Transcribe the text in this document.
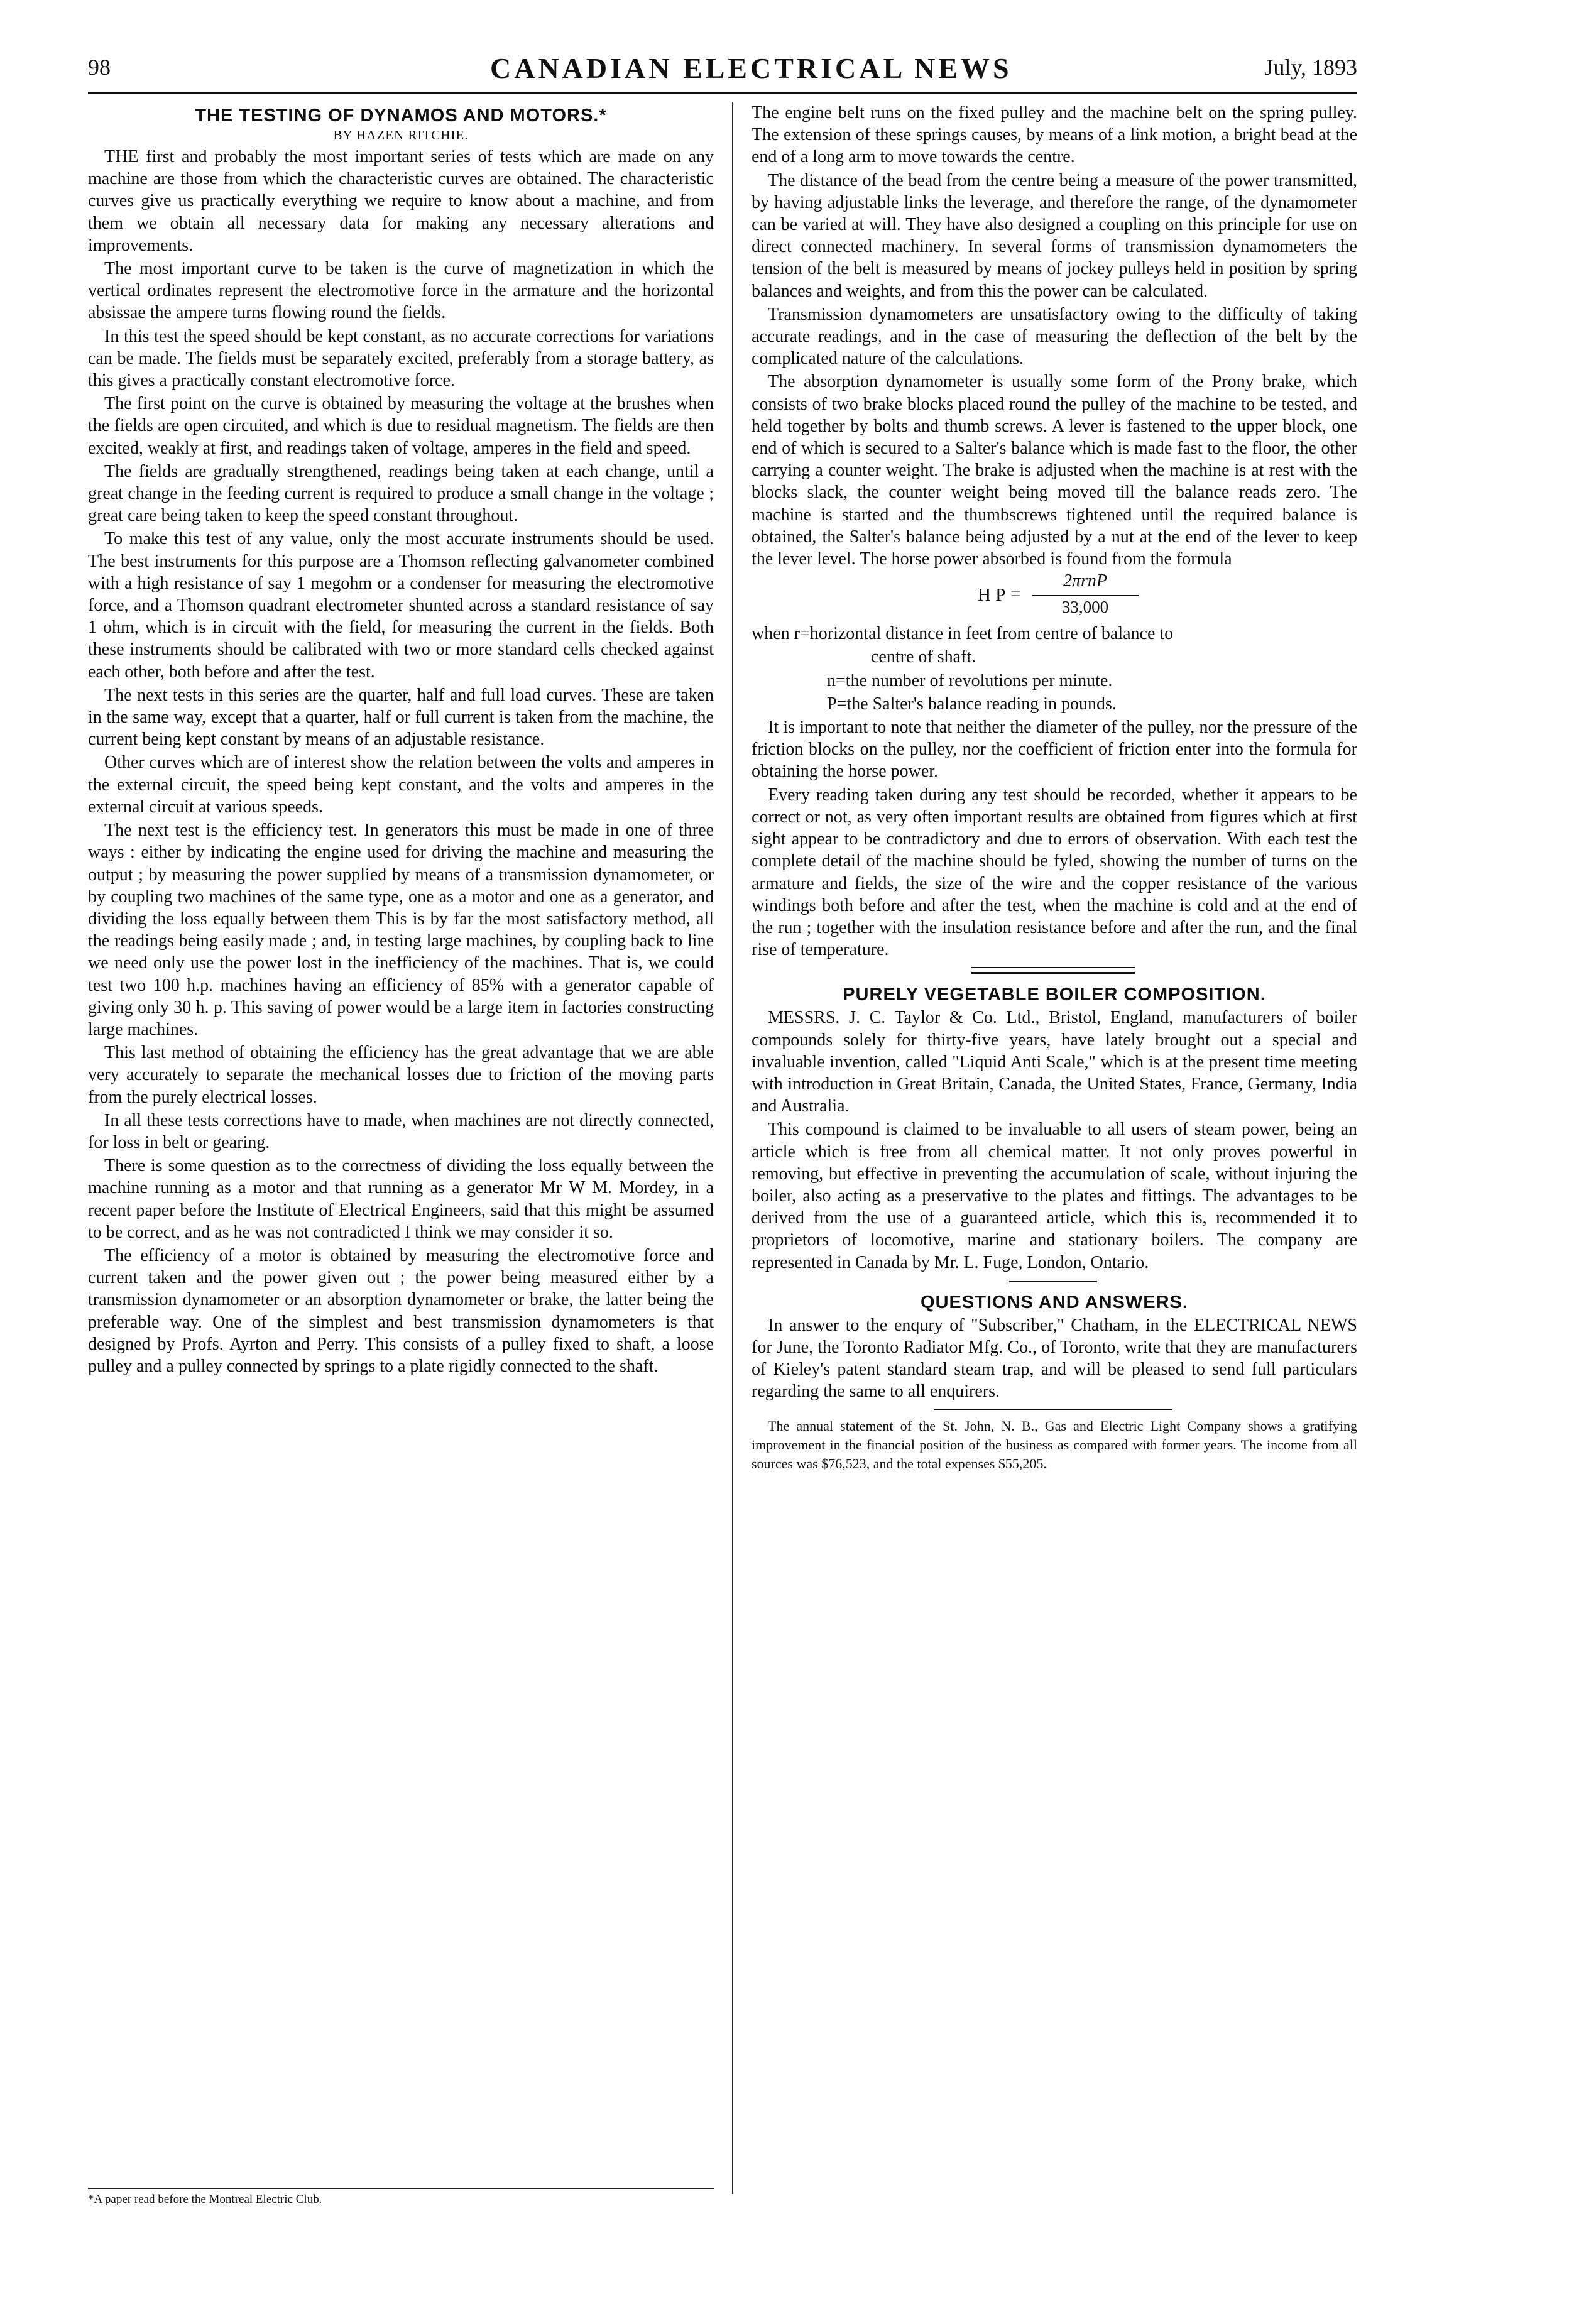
98	CANADIAN ELECTRICAL NEWS	July, 1893
THE TESTING OF DYNAMOS AND MOTORS.*
BY HAZEN RITCHIE.

THE first and probably the most important series of tests which are made on any machine are those from which the characteristic curves are obtained. The characteristic curves give us practically everything we require to know about a machine, and from them we obtain all necessary data for making any necessary alterations and improvements.

The most important curve to be taken is the curve of magnetization in which the vertical ordinates represent the electromotive force in the armature and the horizontal absissae the ampere turns flowing round the fields.

In this test the speed should be kept constant, as no accurate corrections for variations can be made. The fields must be separately excited, preferably from a storage battery, as this gives a practically constant electromotive force.

The first point on the curve is obtained by measuring the voltage at the brushes when the fields are open circuited, and which is due to residual magnetism. The fields are then excited, weakly at first, and readings taken of voltage, amperes in the field and speed.

The fields are gradually strengthened, readings being taken at each change, until a great change in the feeding current is required to produce a small change in the voltage ; great care being taken to keep the speed constant throughout.

To make this test of any value, only the most accurate instruments should be used. The best instruments for this purpose are a Thomson reflecting galvanometer combined with a high resistance of say 1 megohm or a condenser for measuring the electromotive force, and a Thomson quadrant electrometer shunted across a standard resistance of say 1 ohm, which is in circuit with the field, for measuring the current in the fields. Both these instruments should be calibrated with two or more standard cells checked against each other, both before and after the test.

The next tests in this series are the quarter, half and full load curves. These are taken in the same way, except that a quarter, half or full current is taken from the machine, the current being kept constant by means of an adjustable resistance.

Other curves which are of interest show the relation between the volts and amperes in the external circuit, the speed being kept constant, and the volts and amperes in the external circuit at various speeds.

The next test is the efficiency test. In generators this must be made in one of three ways : either by indicating the engine used for driving the machine and measuring the output ; by measuring the power supplied by means of a transmission dynamometer, or by coupling two machines of the same type, one as a motor and one as a generator, and dividing the loss equally between them This is by far the most satisfactory method, all the readings being easily made ; and, in testing large machines, by coupling back to line we need only use the power lost in the inefficiency of the machines. That is, we could test two 100 h.p. machines having an efficiency of 85% with a generator capable of giving only 30 h. p. This saving of power would be a large item in factories constructing large machines.

This last method of obtaining the efficiency has the great advantage that we are able very accurately to separate the mechanical losses due to friction of the moving parts from the purely electrical losses.

In all these tests corrections have to made, when machines are not directly connected, for loss in belt or gearing.

There is some question as to the correctness of dividing the loss equally between the machine running as a motor and that running as a generator Mr W M. Mordey, in a recent paper before the Institute of Electrical Engineers, said that this might be assumed to be correct, and as he was not contradicted I think we may consider it so.

The efficiency of a motor is obtained by measuring the electromotive force and current taken and the power given out ; the power being measured either by a transmission dynamometer or an absorption dynamometer or brake, the latter being the preferable way. One of the simplest and best transmission dynamometers is that designed by Profs. Ayrton and Perry. This consists of a pulley fixed to shaft, a loose pulley and a pulley connected by springs to a plate rigidly connected to the shaft.

*A paper read before the Montreal Electric Club.

The engine belt runs on the fixed pulley and the machine belt on the spring pulley. The extension of these springs causes, by means of a link motion, a bright bead at the end of a long arm to move towards the centre.

The distance of the bead from the centre being a measure of the power transmitted, by having adjustable links the leverage, and therefore the range, of the dynamometer can be varied at will. They have also designed a coupling on this principle for use on direct connected machinery. In several forms of transmission dynamometers the tension of the belt is measured by means of jockey pulleys held in position by spring balances and weights, and from this the power can be calculated.

Transmission dynamometers are unsatisfactory owing to the difficulty of taking accurate readings, and in the case of measuring the deflection of the belt by the complicated nature of the calculations.

The absorption dynamometer is usually some form of the Prony brake, which consists of two brake blocks placed round the pulley of the machine to be tested, and held together by bolts and thumb screws. A lever is fastened to the upper block, one end of which is secured to a Salter's balance which is made fast to the floor, the other carrying a counter weight. The brake is adjusted when the machine is at rest with the blocks slack, the counter weight being moved till the balance reads zero. The machine is started and the thumbscrews tightened until the required balance is obtained, the Salter's balance being adjusted by a nut at the end of the lever to keep the lever level. The horse power absorbed is found from the formula

H P =
2πrnP
33,000

when r=horizontal distance in feet from centre of balance to

centre of shaft.

n=the number of revolutions per minute.

P=the Salter's balance reading in pounds.

It is important to note that neither the diameter of the pulley, nor the pressure of the friction blocks on the pulley, nor the coefficient of friction enter into the formula for obtaining the horse power.

Every reading taken during any test should be recorded, whether it appears to be correct or not, as very often important results are obtained from figures which at first sight appear to be contradictory and due to errors of observation. With each test the complete detail of the machine should be fyled, showing the number of turns on the armature and fields, the size of the wire and the copper resistance of the various windings both before and after the test, when the machine is cold and at the end of the run ; together with the insulation resistance before and after the run, and the final rise of temperature.

PURELY VEGETABLE BOILER COMPOSITION.

MESSRS. J. C. Taylor & Co. Ltd., Bristol, England, manufacturers of boiler compounds solely for thirty-five years, have lately brought out a special and invaluable invention, called "Liquid Anti Scale," which is at the present time meeting with introduction in Great Britain, Canada, the United States, France, Germany, India and Australia.

This compound is claimed to be invaluable to all users of steam power, being an article which is free from all chemical matter. It not only proves powerful in removing, but effective in preventing the accumulation of scale, without injuring the boiler, also acting as a preservative to the plates and fittings. The advantages to be derived from the use of a guaranteed article, which this is, recommended it to proprietors of locomotive, marine and stationary boilers. The company are represented in Canada by Mr. L. Fuge, London, Ontario.

QUESTIONS AND ANSWERS.

In answer to the enqury of "Subscriber," Chatham, in the ELECTRICAL NEWS for June, the Toronto Radiator Mfg. Co., of Toronto, write that they are manufacturers of Kieley's patent standard steam trap, and will be pleased to send full particulars regarding the same to all enquirers.

The annual statement of the St. John, N. B., Gas and Electric Light Company shows a gratifying improvement in the financial position of the business as compared with former years. The income from all sources was $76,523, and the total expenses $55,205.
